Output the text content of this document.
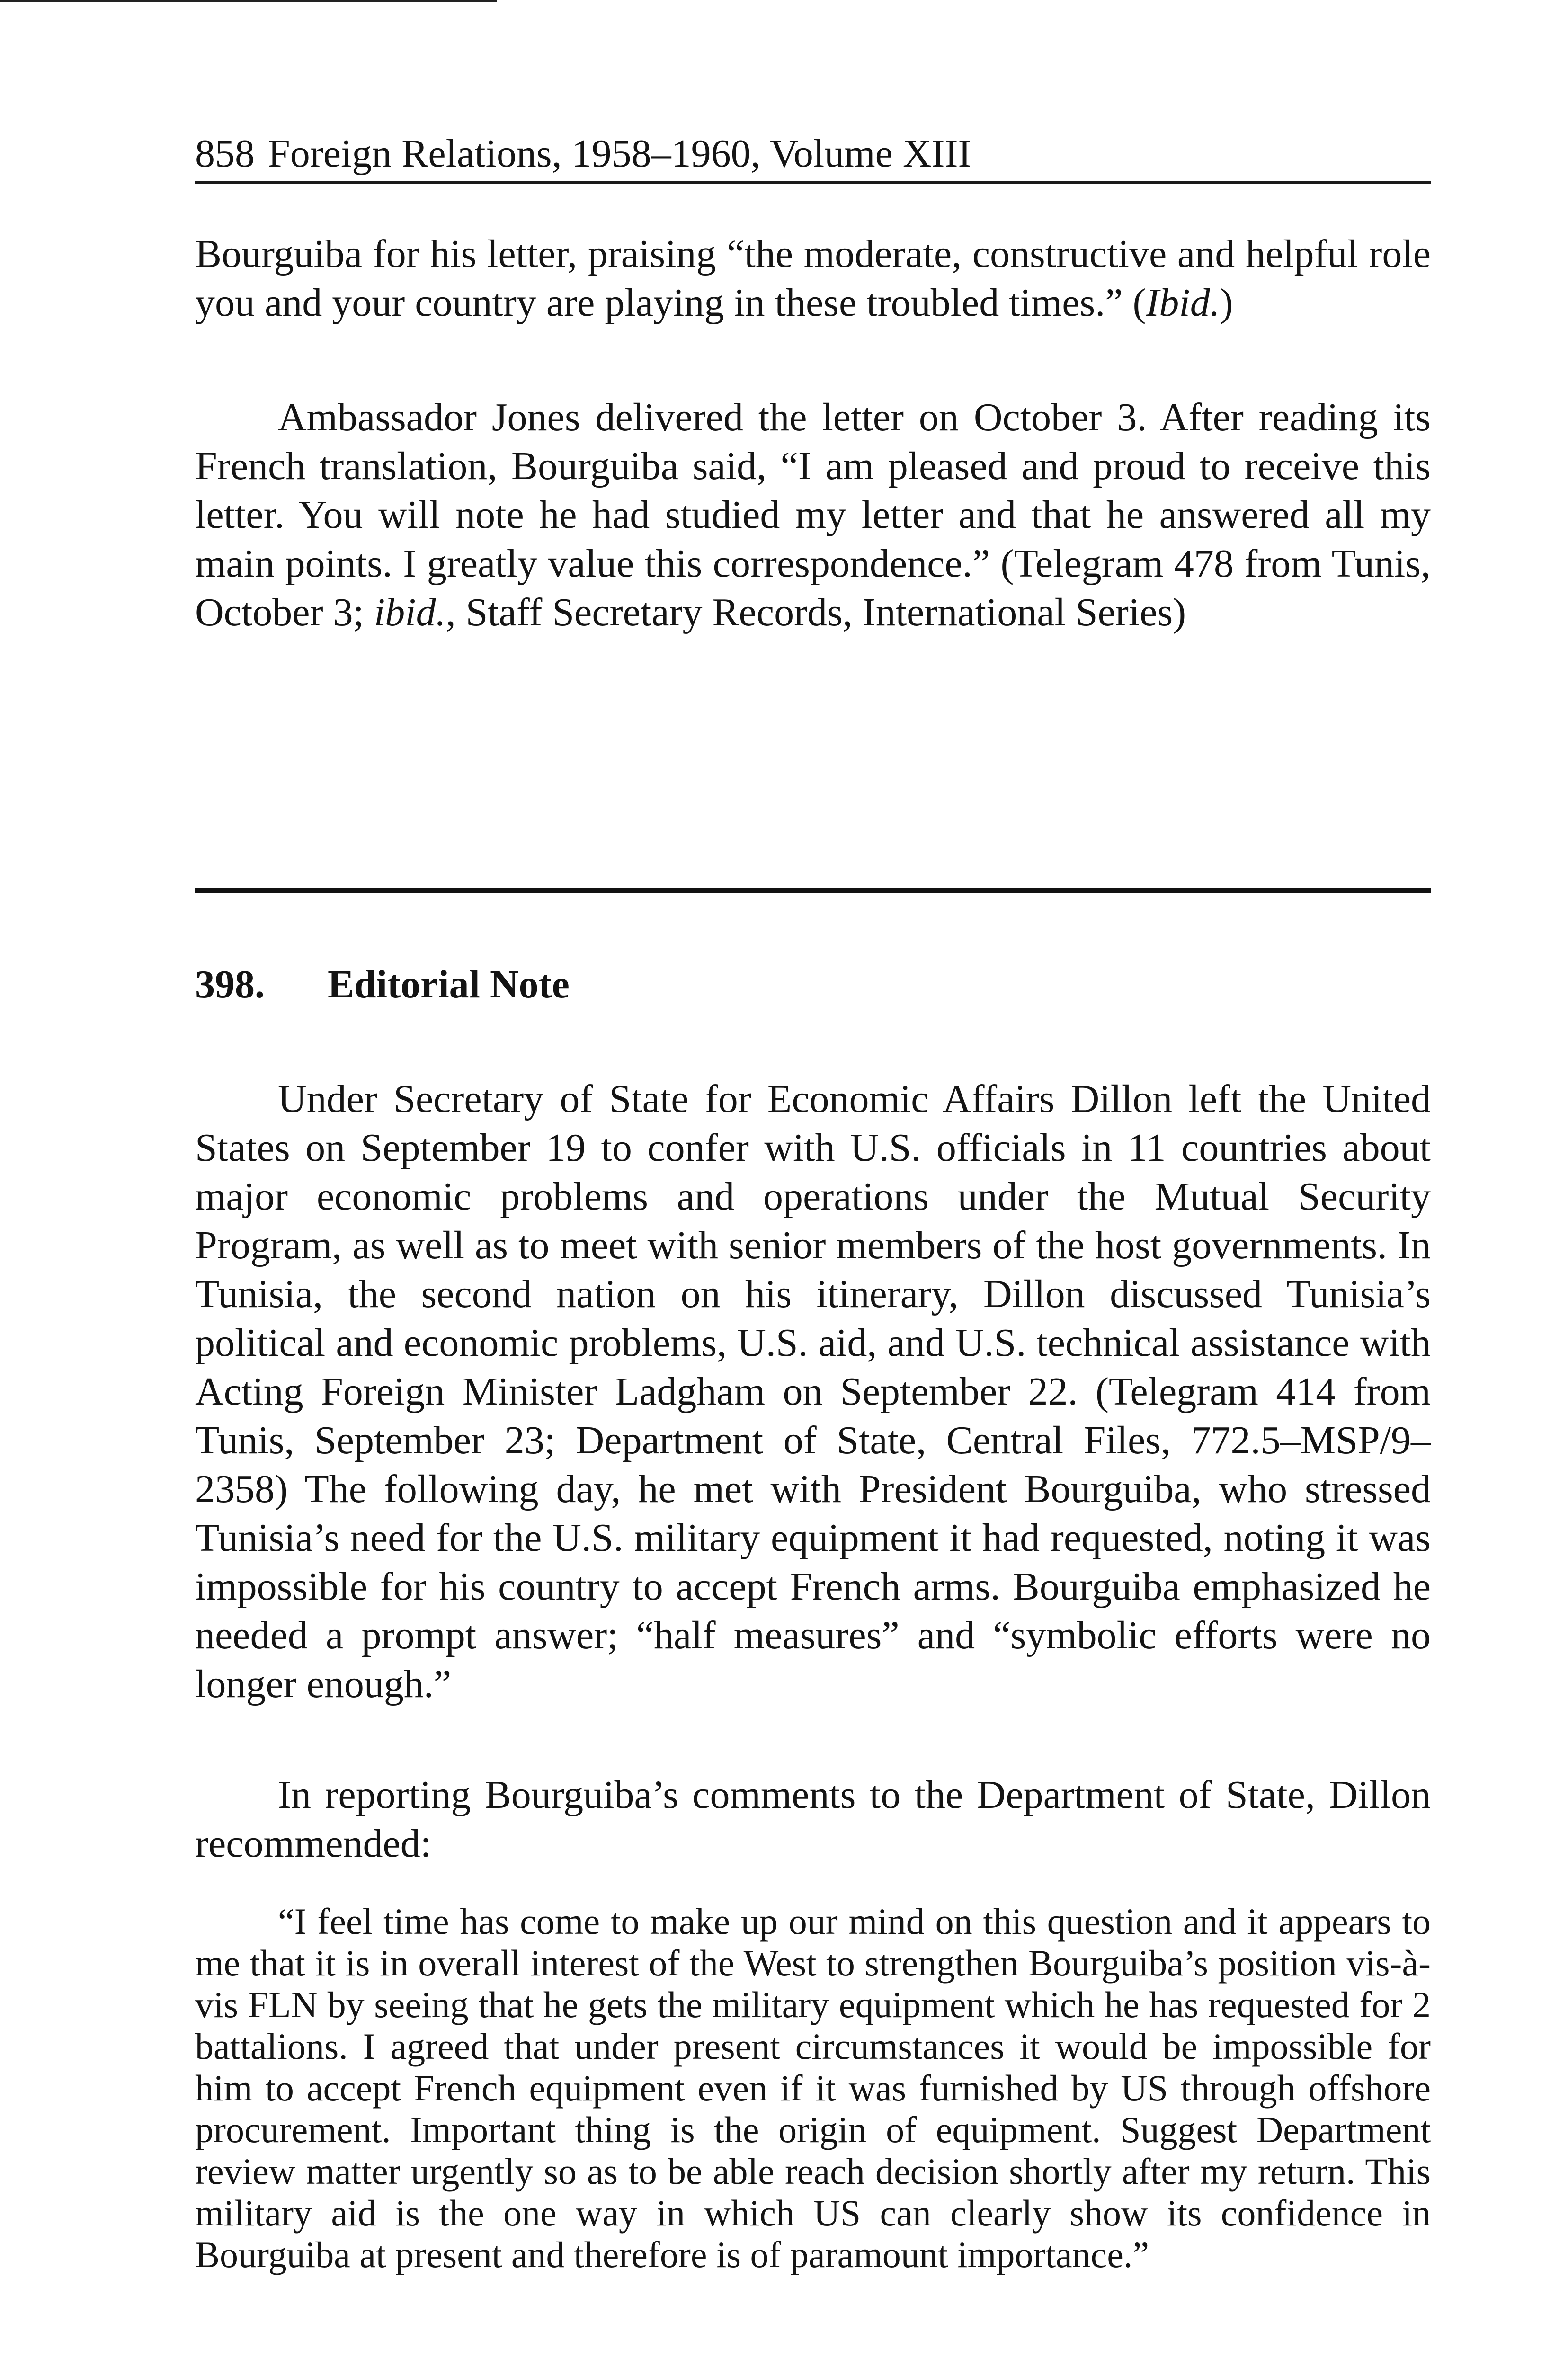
858 Foreign Relations, 1958–1960, Volume XIII

Bourguiba for his letter, praising “the moderate, constructive and helpful role you and your country are playing in these troubled times.” (Ibid.)

Ambassador Jones delivered the letter on October 3. After reading its French translation, Bourguiba said, “I am pleased and proud to receive this letter. You will note he had studied my letter and that he answered all my main points. I greatly value this correspondence.” (Telegram 478 from Tunis, October 3; ibid., Staff Secretary Records, International Series)

398. Editorial Note

Under Secretary of State for Economic Affairs Dillon left the United States on September 19 to confer with U.S. officials in 11 countries about major economic problems and operations under the Mutual Security Program, as well as to meet with senior members of the host governments. In Tunisia, the second nation on his itinerary, Dillon discussed Tunisia’s political and economic problems, U.S. aid, and U.S. technical assistance with Acting Foreign Minister Ladgham on September 22. (Telegram 414 from Tunis, September 23; Department of State, Central Files, 772.5–MSP/9–2358) The following day, he met with President Bourguiba, who stressed Tunisia’s need for the U.S. military equipment it had requested, noting it was impossible for his country to accept French arms. Bourguiba emphasized he needed a prompt answer; “half measures” and “symbolic efforts were no longer enough.”

In reporting Bourguiba’s comments to the Department of State, Dillon recommended:

“I feel time has come to make up our mind on this question and it appears to me that it is in overall interest of the West to strengthen Bourguiba’s position vis-à-vis FLN by seeing that he gets the military equipment which he has requested for 2 battalions. I agreed that under present circumstances it would be impossible for him to accept French equipment even if it was furnished by US through offshore procurement. Important thing is the origin of equipment. Suggest Department review matter urgently so as to be able reach decision shortly after my return. This military aid is the one way in which US can clearly show its confidence in Bourguiba at present and therefore is of paramount importance.”
